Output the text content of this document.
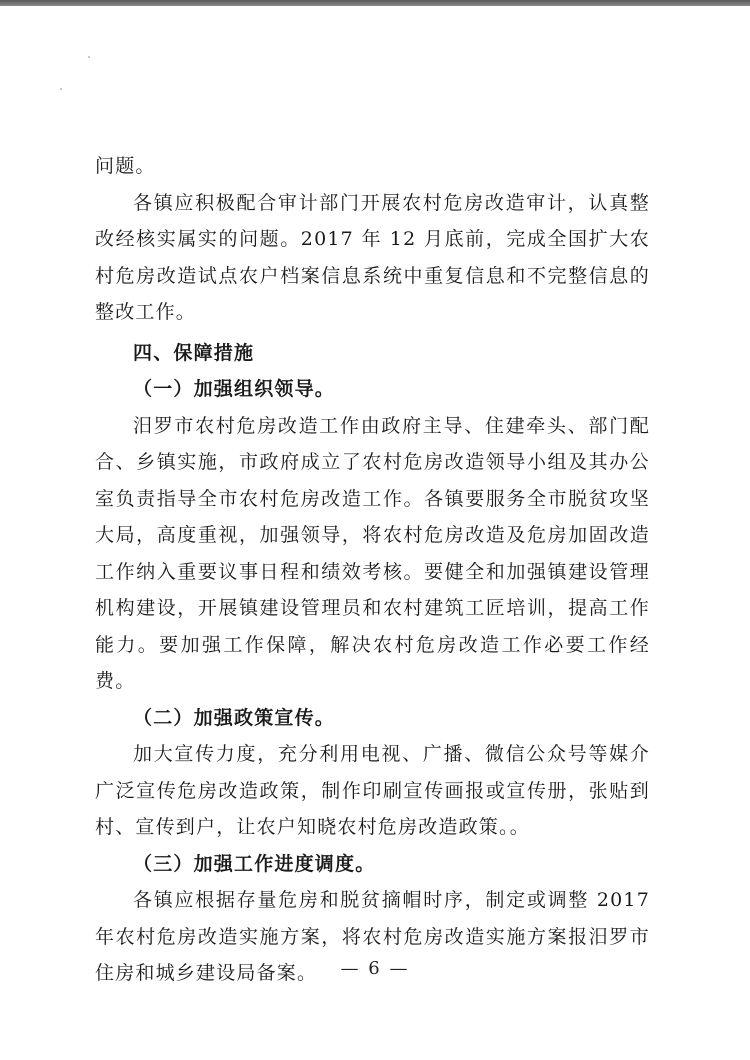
问题。

各镇应积极配合审计部门开展农村危房改造审计，认真整改经核实属实的问题。2017 年 12 月底前，完成全国扩大农村危房改造试点农户档案信息系统中重复信息和不完整信息的整改工作。

四、保障措施

（一）加强组织领导。

汨罗市农村危房改造工作由政府主导、住建牵头、部门配合、乡镇实施，市政府成立了农村危房改造领导小组及其办公室负责指导全市农村危房改造工作。各镇要服务全市脱贫攻坚大局，高度重视，加强领导，将农村危房改造及危房加固改造工作纳入重要议事日程和绩效考核。要健全和加强镇建设管理机构建设，开展镇建设管理员和农村建筑工匠培训，提高工作能力。要加强工作保障，解决农村危房改造工作必要工作经费。

（二）加强政策宣传。

加大宣传力度，充分利用电视、广播、微信公众号等媒介广泛宣传危房改造政策，制作印刷宣传画报或宣传册，张贴到村、宣传到户，让农户知晓农村危房改造政策。。

（三）加强工作进度调度。

各镇应根据存量危房和脱贫摘帽时序，制定或调整 2017 年农村危房改造实施方案，将农村危房改造实施方案报汨罗市住房和城乡建设局备案。	— 6 —
